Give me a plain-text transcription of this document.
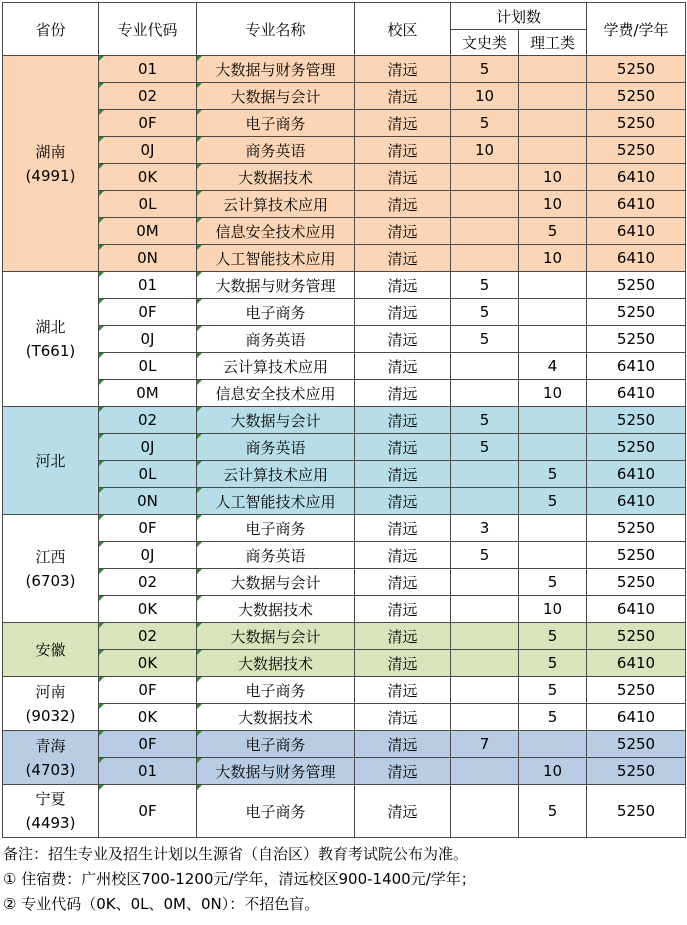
省份	专业代码	专业名称	校区	计划数		学费/学年
				文史类	理工类	

湖南
(4991)	01	大数据与财务管理	清远	5		5250
	02	大数据与会计	清远	10		5250
	0F	电子商务	清远	5		5250
	0J	商务英语	清远	10		5250
	0K	大数据技术	清远		10	6410
	0L	云计算技术应用	清远		10	6410
	0M	信息安全技术应用	清远		5	6410
	0N	人工智能技术应用	清远		10	6410

湖北
(T661)	01	大数据与财务管理	清远	5		5250
	0F	电子商务	清远	5		5250
	0J	商务英语	清远	5		5250
	0L	云计算技术应用	清远		4	6410
	0M	信息安全技术应用	清远		10	6410

河北	02	大数据与会计	清远	5		5250
	0J	商务英语	清远	5		5250
	0L	云计算技术应用	清远		5	6410
	0N	人工智能技术应用	清远		5	6410

江西
(6703)	0F	电子商务	清远	3		5250
	0J	商务英语	清远	5		5250
	02	大数据与会计	清远		5	5250
	0K	大数据技术	清远		10	6410

安徽	02	大数据与会计	清远		5	5250
	0K	大数据技术	清远		5	6410

河南
(9032)	0F	电子商务	清远		5	5250
	0K	大数据技术	清远		5	6410

青海
(4703)	0F	电子商务	清远	7		5250
	01	大数据与财务管理	清远		10	5250

宁夏
(4493)	0F	电子商务	清远		5	5250
备注：招生专业及招生计划以生源省（自治区）教育考试院公布为准。
① 住宿费：广州校区700-1200元/学年，清远校区900-1400元/学年；
② 专业代码（0K、0L、0M、0N）：不招色盲。
